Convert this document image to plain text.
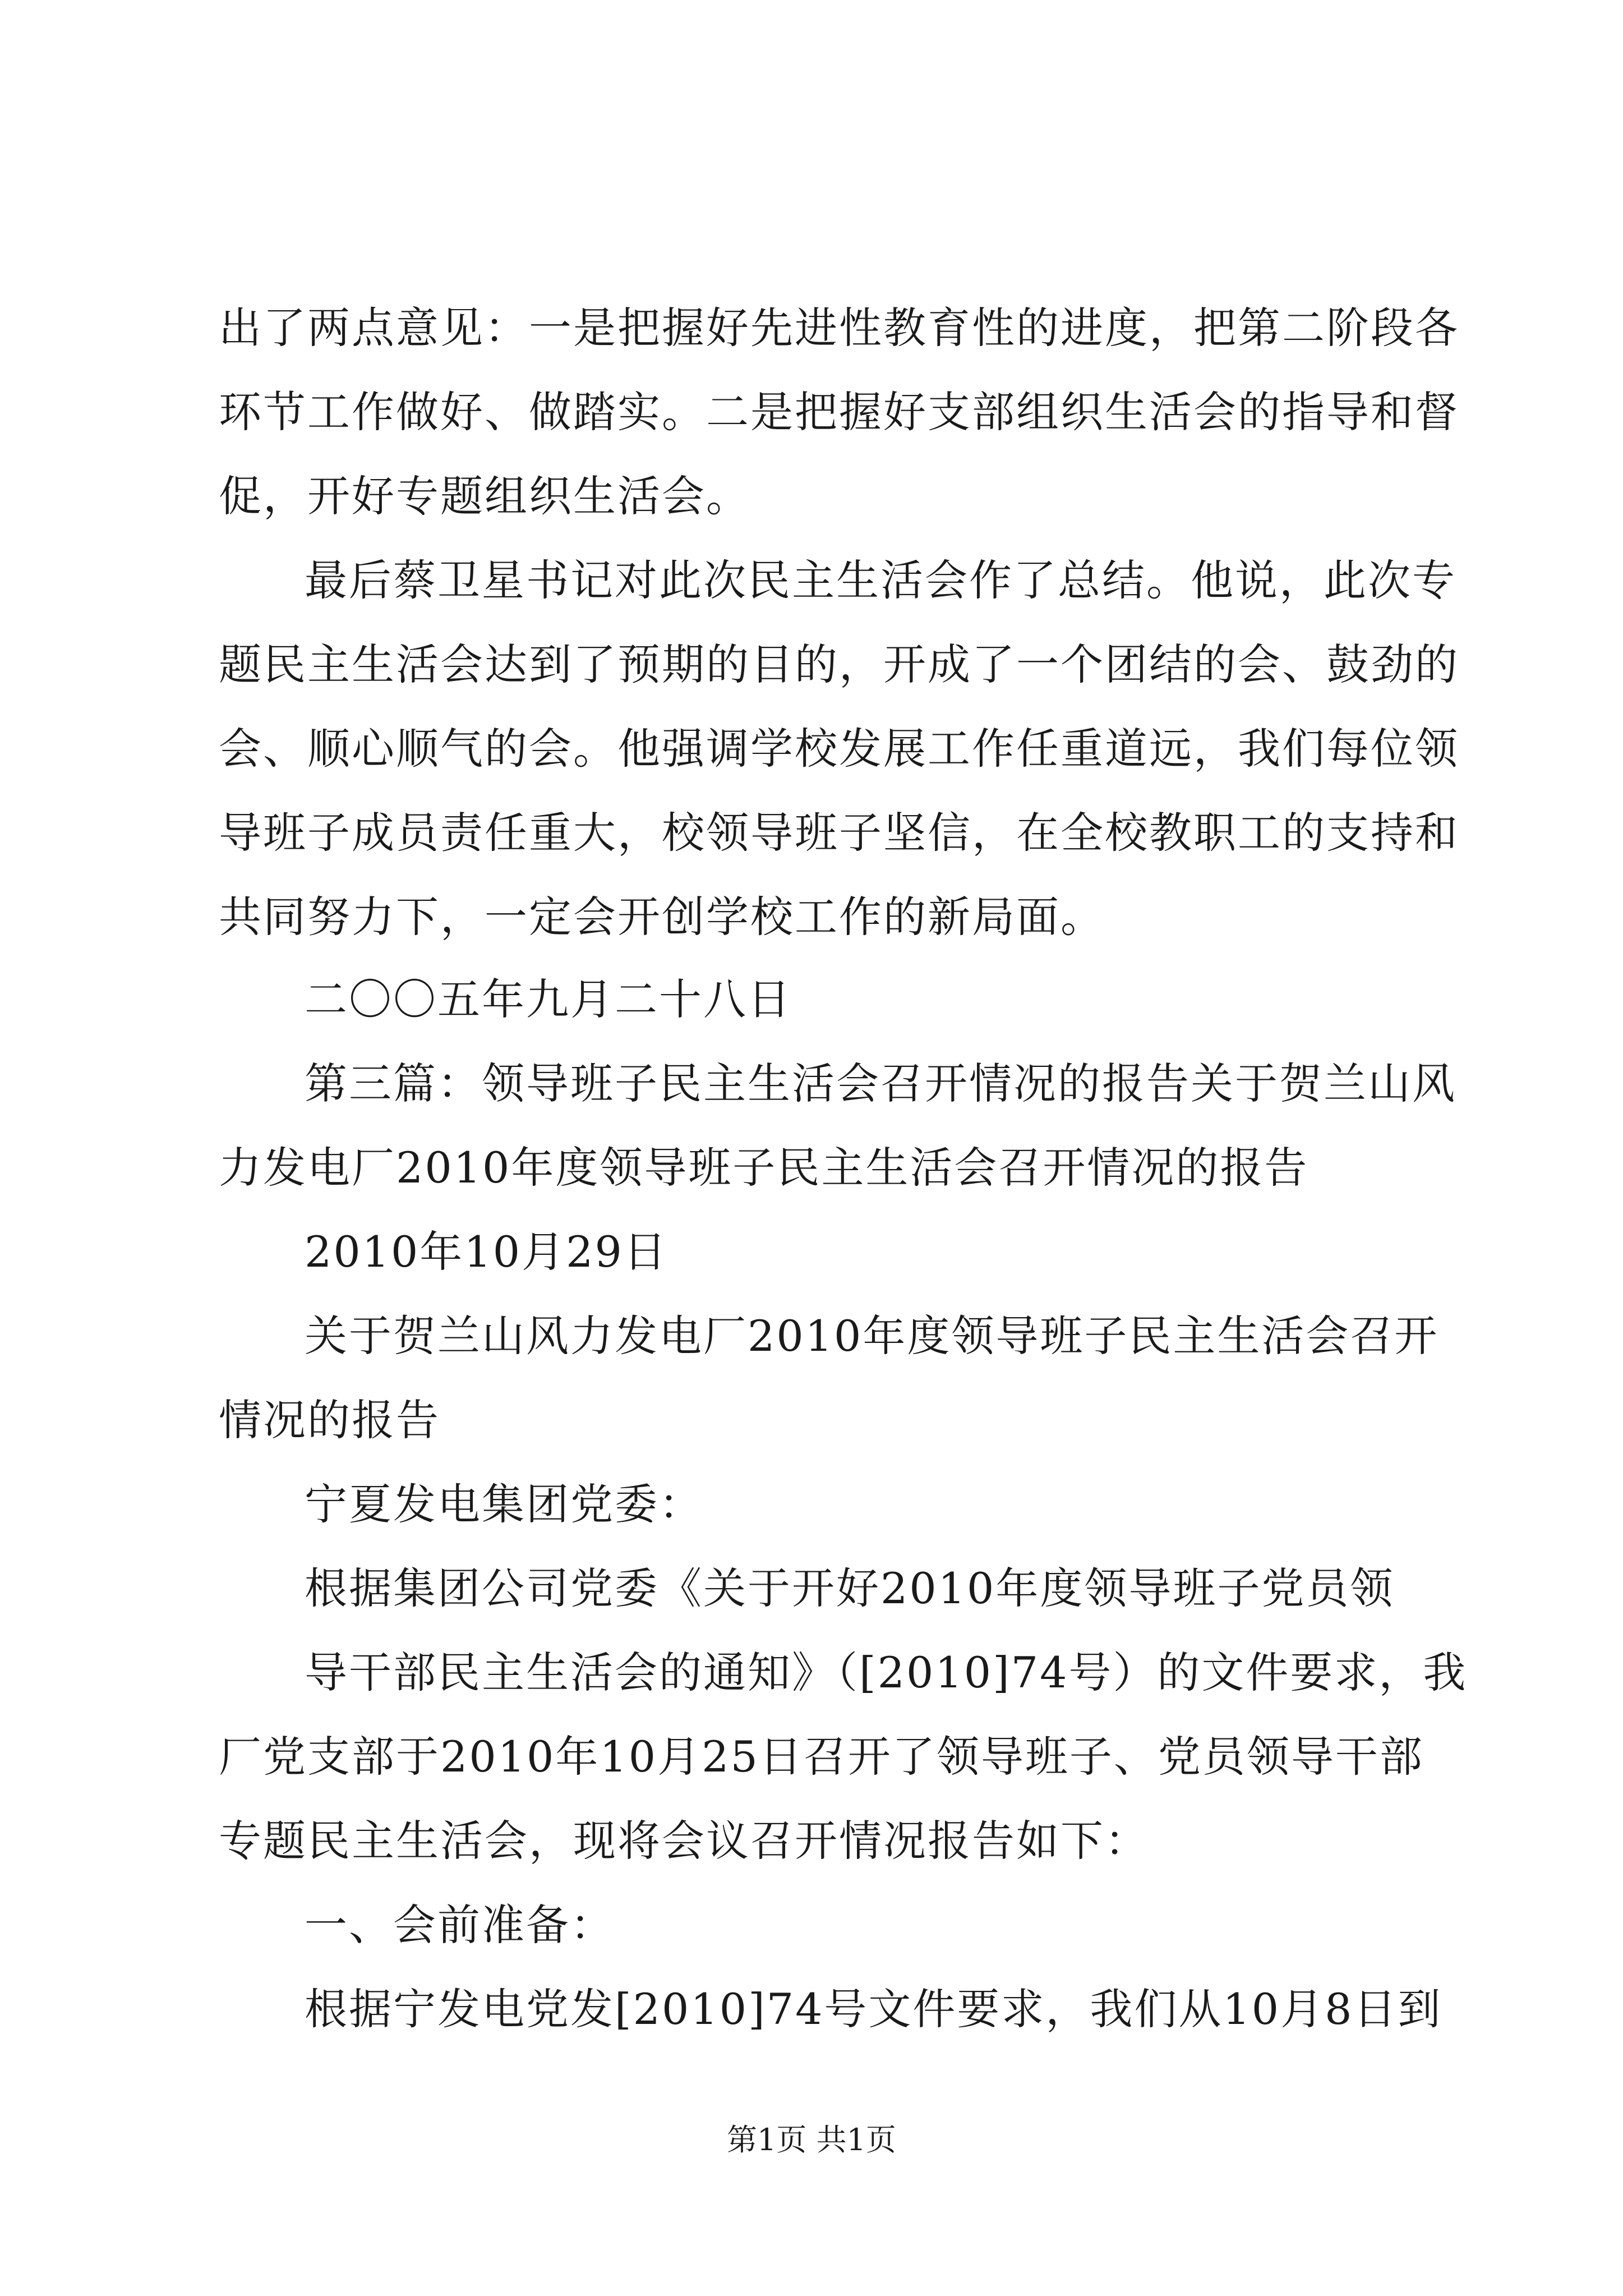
出了两点意见：一是把握好先进性教育性的进度，把第二阶段各
环节工作做好、做踏实。二是把握好支部组织生活会的指导和督
促，开好专题组织生活会。
最后蔡卫星书记对此次民主生活会作了总结。他说，此次专
题民主生活会达到了预期的目的，开成了一个团结的会、鼓劲的
会、顺心顺气的会。他强调学校发展工作任重道远，我们每位领
导班子成员责任重大，校领导班子坚信，在全校教职工的支持和
共同努力下，一定会开创学校工作的新局面。
二〇〇五年九月二十八日
第三篇：领导班子民主生活会召开情况的报告关于贺兰山风
力发电厂2010年度领导班子民主生活会召开情况的报告
2010年10月29日
关于贺兰山风力发电厂2010年度领导班子民主生活会召开
情况的报告
宁夏发电集团党委：
根据集团公司党委《关于开好2010年度领导班子党员领
导干部民主生活会的通知》（[2010]74号）的文件要求，我
厂党支部于2010年10月25日召开了领导班子、党员领导干部
专题民主生活会，现将会议召开情况报告如下：
一、会前准备：
根据宁发电党发[2010]74号文件要求，我们从10月8日到
第1页 共1页
